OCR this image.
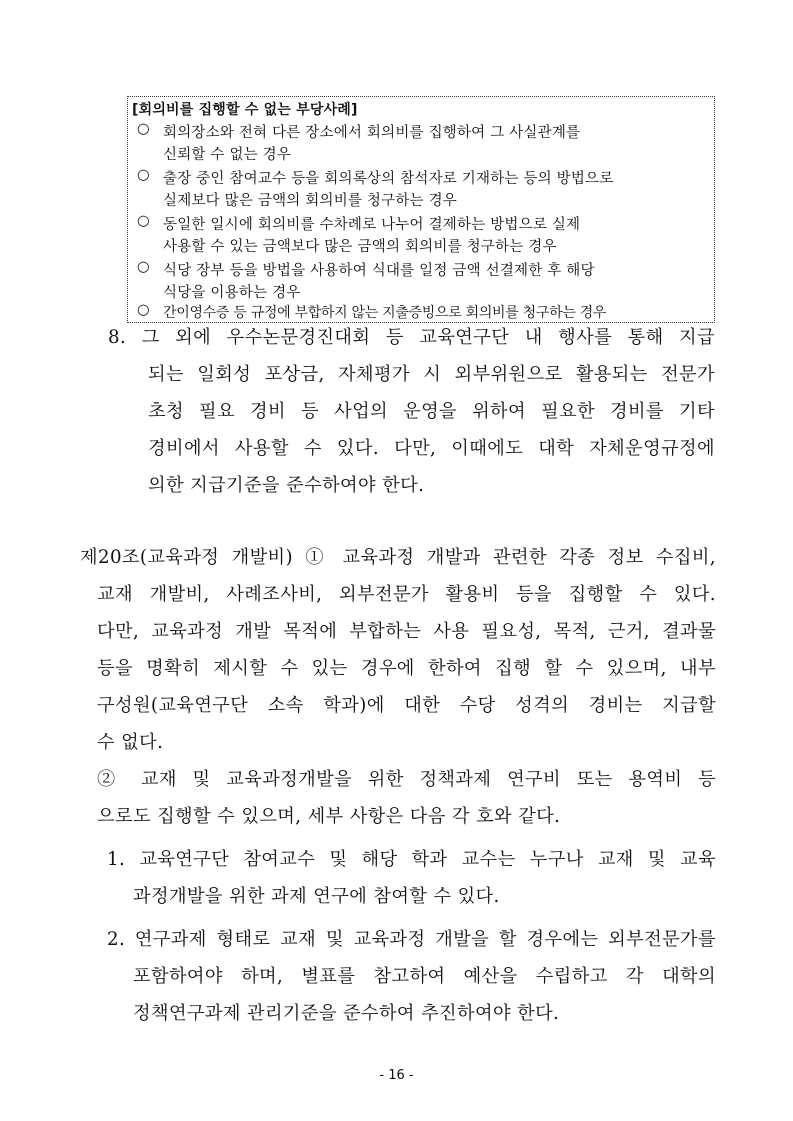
[회의비를 집행할 수 없는 부당사례]
○ 회의장소와 전혀 다른 장소에서 회의비를 집행하여 그 사실관계를
신뢰할 수 없는 경우
○ 출장 중인 참여교수 등을 회의록상의 참석자로 기재하는 등의 방법으로
실제보다 많은 금액의 회의비를 청구하는 경우
○ 동일한 일시에 회의비를 수차례로 나누어 결제하는 방법으로 실제
사용할 수 있는 금액보다 많은 금액의 회의비를 청구하는 경우
○ 식당 장부 등을 방법을 사용하여 식대를 일정 금액 선결제한 후 해당
식당을 이용하는 경우
○ 간이영수증 등 규정에 부합하지 않는 지출증빙으로 회의비를 청구하는 경우
8. 그 외에 우수논문경진대회 등 교육연구단 내 행사를 통해 지급
되는 일회성 포상금, 자체평가 시 외부위원으로 활용되는 전문가
초청 필요 경비 등 사업의 운영을 위하여 필요한 경비를 기타
경비에서 사용할 수 있다. 다만, 이때에도 대학 자체운영규정에
의한 지급기준을 준수하여야 한다.
제20조(교육과정 개발비) ① 교육과정 개발과 관련한 각종 정보 수집비,
교재 개발비, 사례조사비, 외부전문가 활용비 등을 집행할 수 있다.
다만, 교육과정 개발 목적에 부합하는 사용 필요성, 목적, 근거, 결과물
등을 명확히 제시할 수 있는 경우에 한하여 집행 할 수 있으며, 내부
구성원(교육연구단 소속 학과)에 대한 수당 성격의 경비는 지급할
수 없다.
② 교재 및 교육과정개발을 위한 정책과제 연구비 또는 용역비 등
으로도 집행할 수 있으며, 세부 사항은 다음 각 호와 같다.
1. 교육연구단 참여교수 및 해당 학과 교수는 누구나 교재 및 교육
과정개발을 위한 과제 연구에 참여할 수 있다.
2. 연구과제 형태로 교재 및 교육과정 개발을 할 경우에는 외부전문가를
포함하여야 하며, 별표를 참고하여 예산을 수립하고 각 대학의
정책연구과제 관리기준을 준수하여 추진하여야 한다.
- 16 -
